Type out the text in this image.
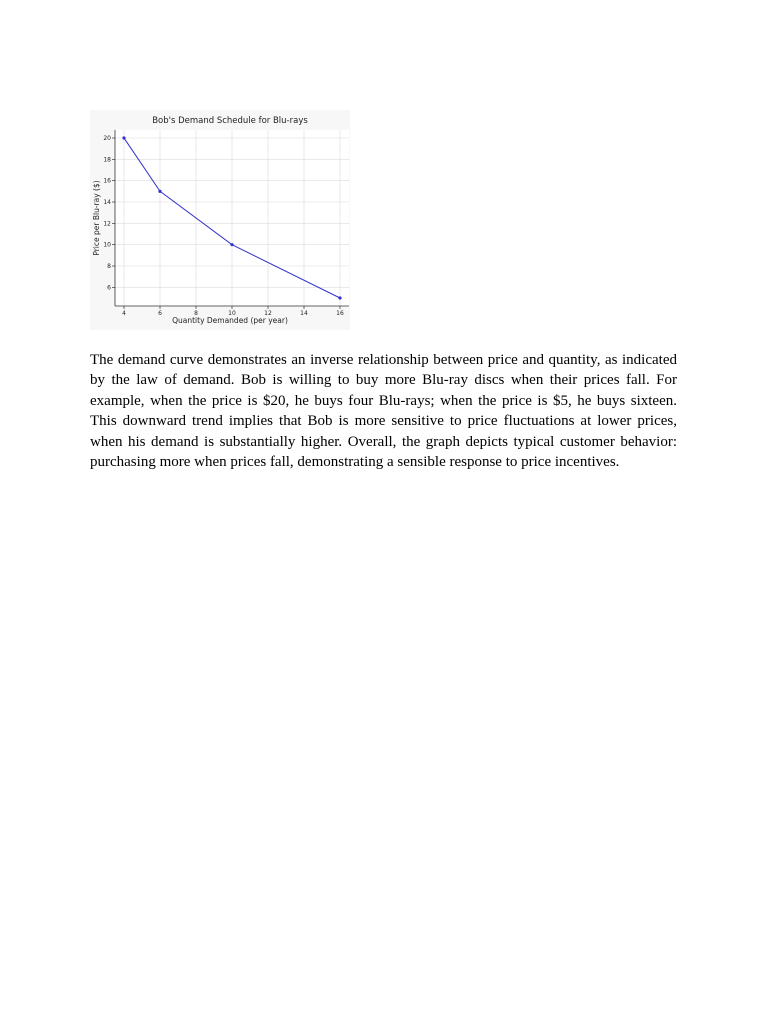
4	6	8	10	12	14	16
6
8
10
12
14
16
18
20
Bob's Demand Schedule for Blu-rays
Quantity Demanded (per year)
Price per Blu-ray ($)

The demand curve demonstrates an inverse relationship between price and quantity, as indicated by the law of demand. Bob is willing to buy more Blu-ray discs when their prices fall. For example, when the price is $20, he buys four Blu-rays; when the price is $5, he buys sixteen. This downward trend implies that Bob is more sensitive to price fluctuations at lower prices, when his demand is substantially higher. Overall, the graph depicts typical customer behavior: purchasing more when prices fall, demonstrating a sensible response to price incentives.
